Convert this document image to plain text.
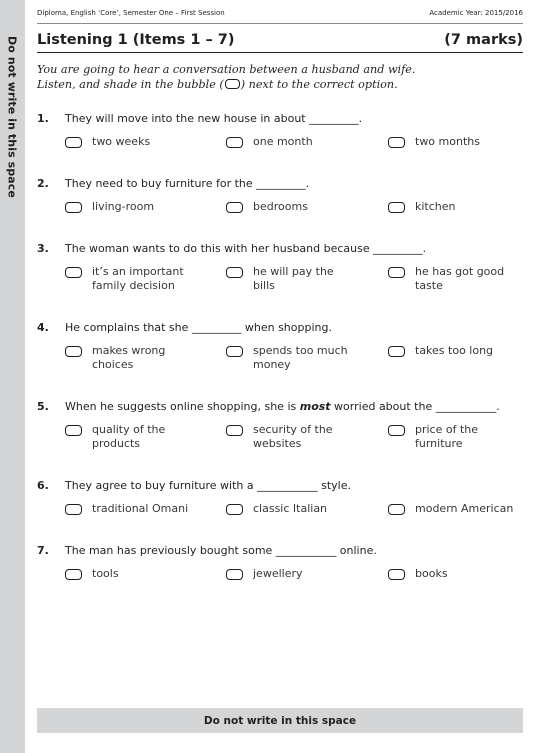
Do not write in this space
Diploma, English ‘Core’, Semester One – First Session	Academic Year: 2015/2016
Listening 1 (Items 1 – 7)	(7 marks)
You are going to hear a conversation between a husband and wife.
Listen, and shade in the bubble ( ) next to the correct option.
1. They will move into the new house in about _________.
two weeks	one month	two months
2. They need to buy furniture for the _________.
living-room	bedrooms	kitchen
3. The woman wants to do this with her husband because _________.
it’s an important family decision
he will pay the bills
he has got good taste
4. He complains that she _________ when shopping.
makes wrong choices
spends too much money
takes too long
5. When he suggests online shopping, she is most worried about the ___________.
quality of the products
security of the websites
price of the furniture
6. They agree to buy furniture with a ___________ style.
traditional Omani	classic Italian	modern American
7. The man has previously bought some ___________ online.
tools	jewellery	books
Do not write in this space
